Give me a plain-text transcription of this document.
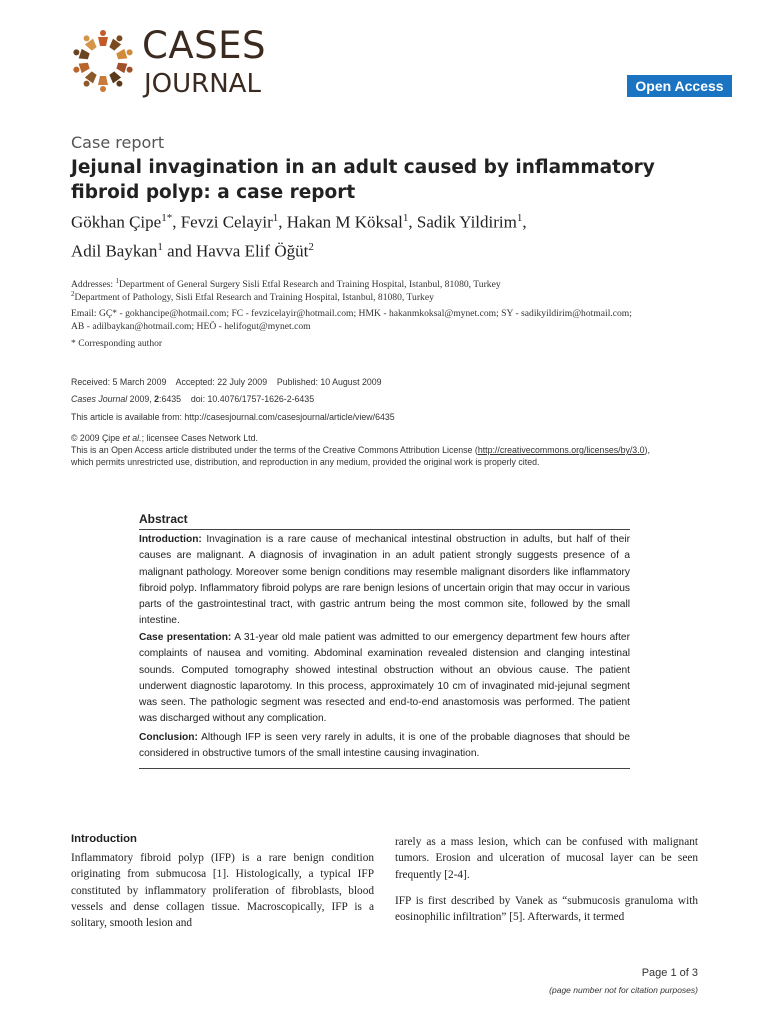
CASES
JOURNAL	Open Access
Case report
Jejunal invagination in an adult caused by inflammatory fibroid polyp: a case report
Gökhan Çipe$^{1*}$, Fevzi Celayir$^1$, Hakan M Köksal$^1$, Sadik Yildirim$^1$,
Adil Baykan$^1$ and Havva Elif Öğüt$^2$
Addresses: $^1$Department of General Surgery Sisli Etfal Research and Training Hospital, Istanbul, 81080, Turkey
$^2$Department of Pathology, Sisli Etfal Research and Training Hospital, Istanbul, 81080, Turkey
Email: GÇ* - gokhancipe@hotmail.com; FC - fevzicelayir@hotmail.com; HMK - hakanmkoksal@mynet.com; SY - sadikyildirim@hotmail.com;
AB - adilbaykan@hotmail.com; HEÖ - helifogut@mynet.com
* Corresponding author
Received: 5 March 2009    Accepted: 22 July 2009    Published: 10 August 2009
Cases Journal 2009, 2:6435    doi: 10.4076/1757-1626-2-6435
This article is available from: http://casesjournal.com/casesjournal/article/view/6435
© 2009 Çipe et al.; licensee Cases Network Ltd.
This is an Open Access article distributed under the terms of the Creative Commons Attribution License (http://creativecommons.org/licenses/by/3.0),
which permits unrestricted use, distribution, and reproduction in any medium, provided the original work is properly cited.
Abstract
Introduction: Invagination is a rare cause of mechanical intestinal obstruction in adults, but half of their causes are malignant. A diagnosis of invagination in an adult patient strongly suggests presence of a malignant pathology. Moreover some benign conditions may resemble malignant disorders like inflammatory fibroid polyp. Inflammatory fibroid polyps are rare benign lesions of uncertain origin that may occur in various parts of the gastrointestinal tract, with gastric antrum being the most common site, followed by the small intestine.
Case presentation: A 31-year old male patient was admitted to our emergency department few hours after complaints of nausea and vomiting. Abdominal examination revealed distension and clanging intestinal sounds. Computed tomography showed intestinal obstruction without an obvious cause. The patient underwent diagnostic laparotomy. In this process, approximately 10 cm of invaginated mid-jejunal segment was seen. The pathologic segment was resected and end-to-end anastomosis was performed. The patient was discharged without any complication.
Conclusion: Although IFP is seen very rarely in adults, it is one of the probable diagnoses that should be considered in obstructive tumors of the small intestine causing invagination.
Introduction
Inflammatory fibroid polyp (IFP) is a rare benign condition originating from submucosa [1]. Histologically, a typical IFP constituted by inflammatory proliferation of fibroblasts, blood vessels and dense collagen tissue. Macroscopically, IFP is a solitary, smooth lesion and
rarely as a mass lesion, which can be confused with malignant tumors. Erosion and ulceration of mucosal layer can be seen frequently [2-4].
IFP is first described by Vanek as “submucosis granuloma with eosinophilic infiltration” [5]. Afterwards, it termed
Page 1 of 3
(page number not for citation purposes)
